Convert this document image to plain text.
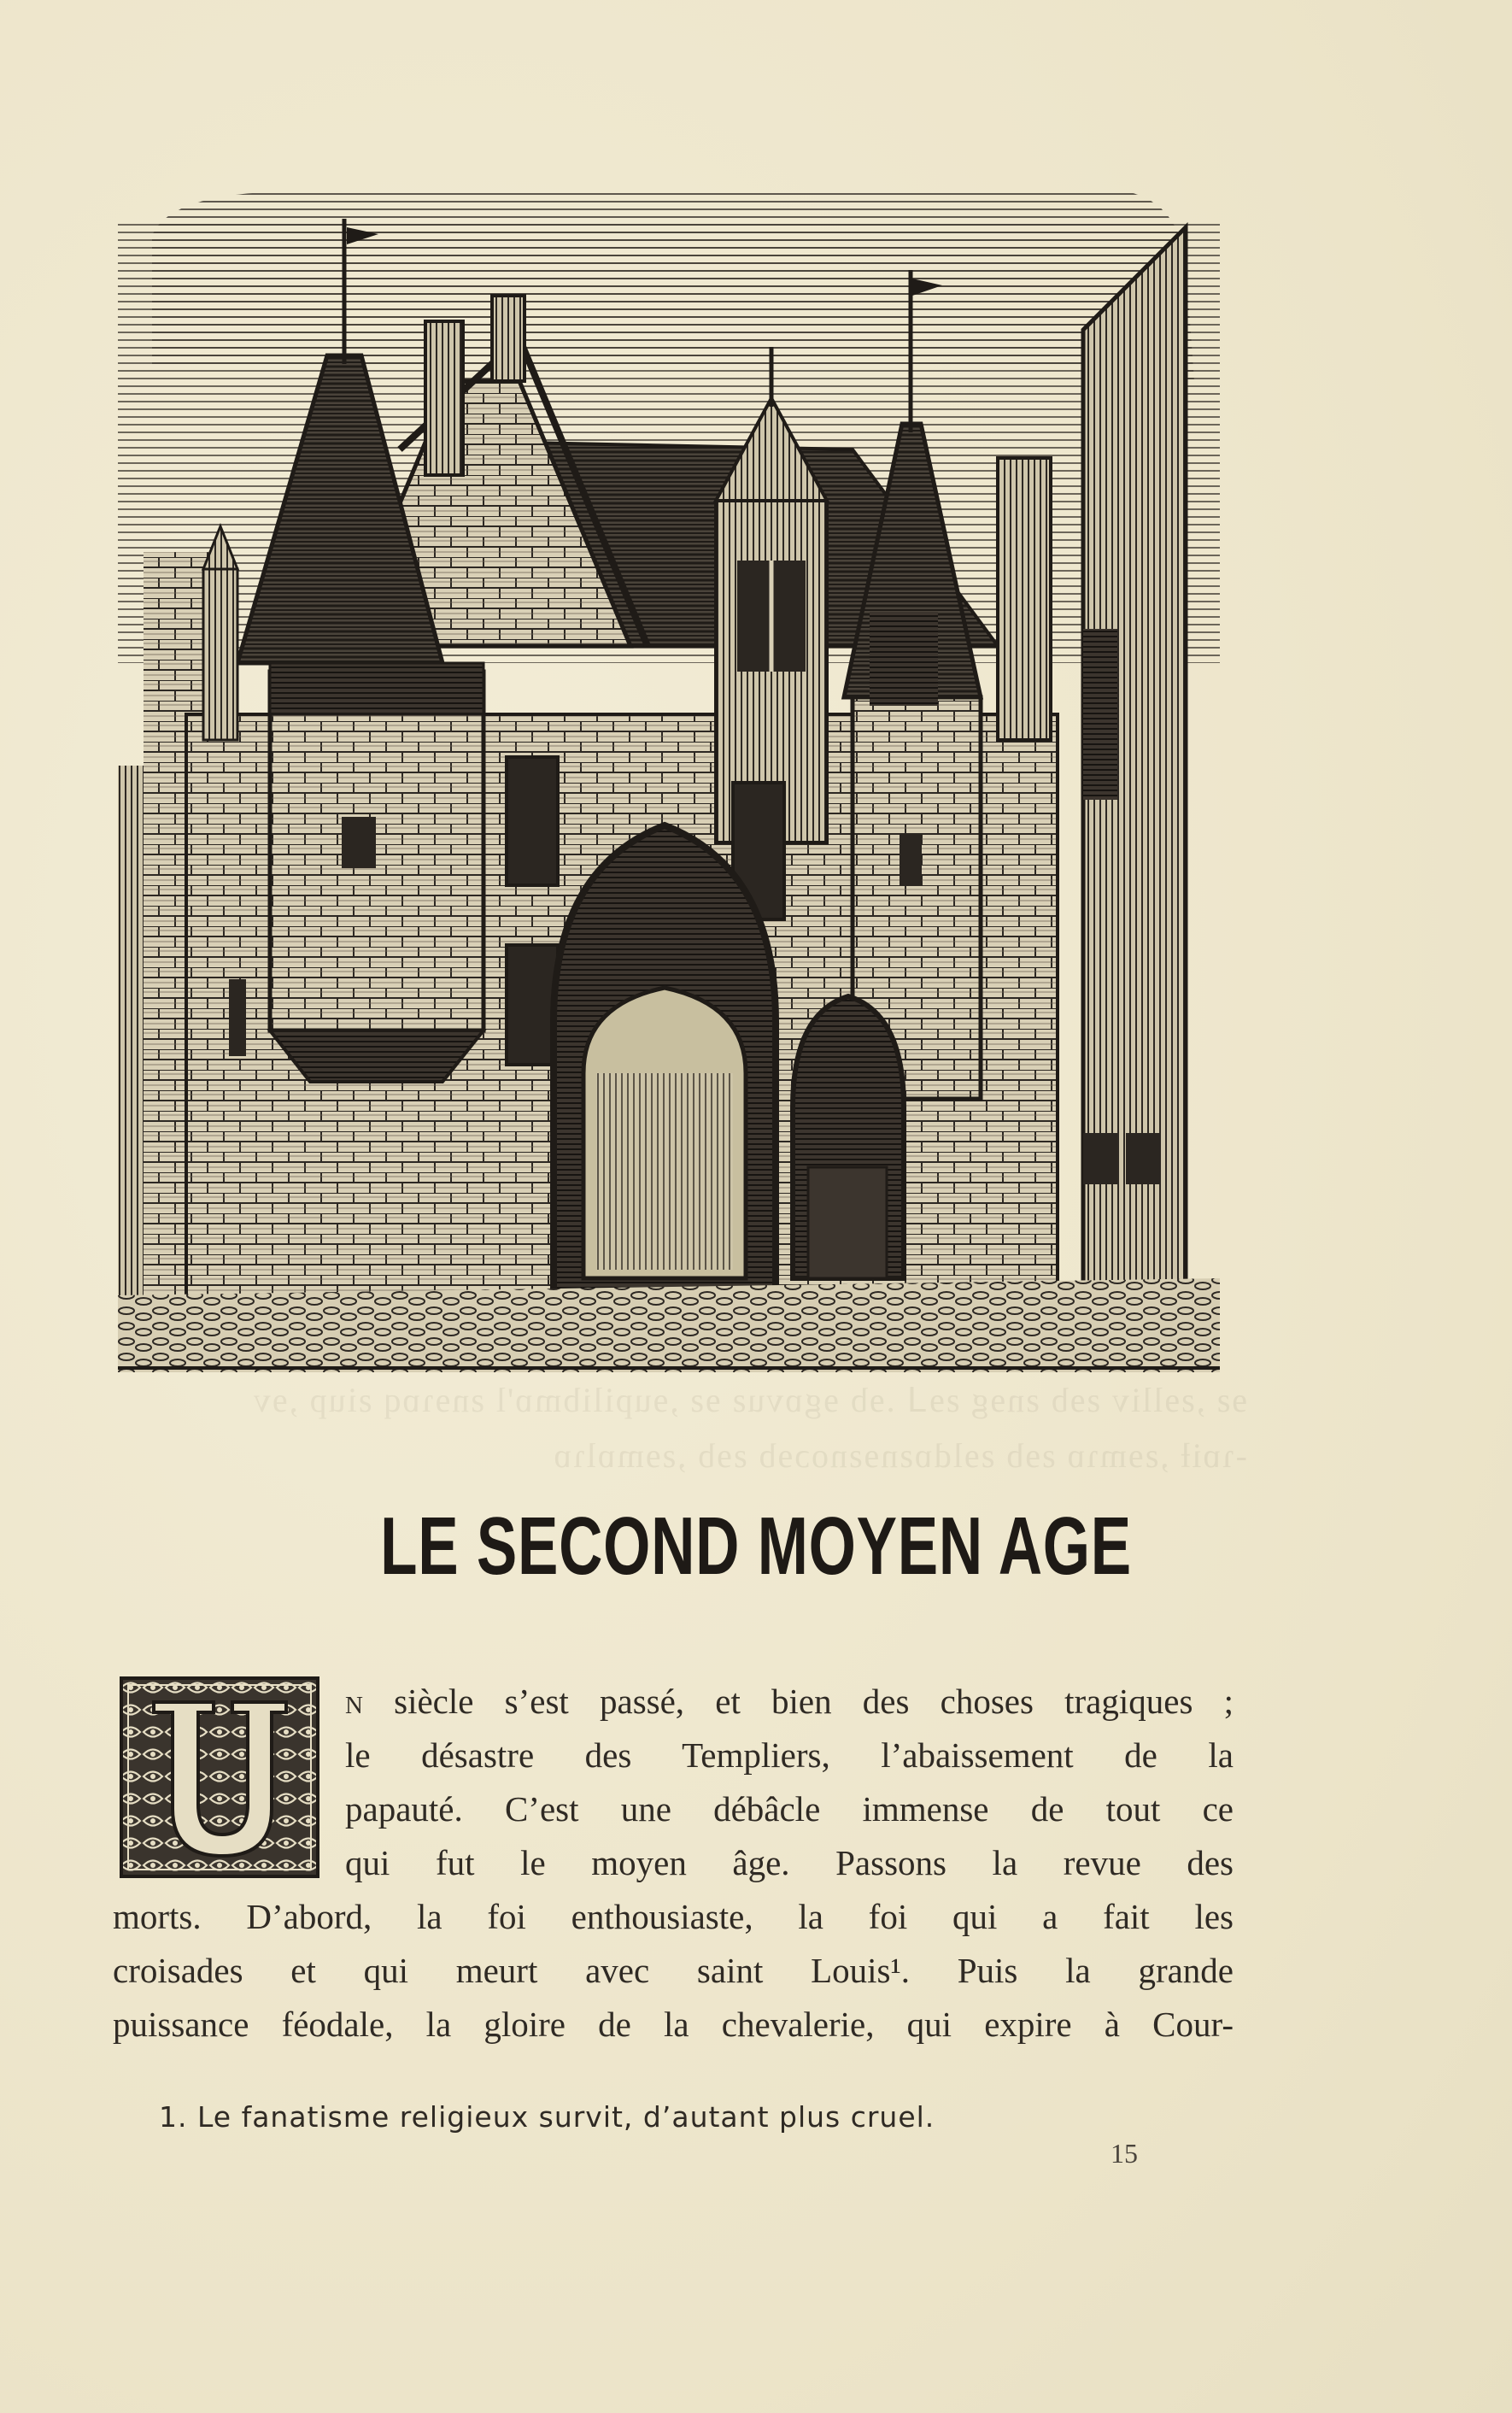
ɘƨ ,ƨɘlliv ƨɘb ƨnɘg ƨɘᒧ .ɘb ɘgɒvuƨ ɘƨ ,ɘupilibmɒ'l ƨnɘɿɒq ƨiup ,ɘv
-ɿɒiƚ ,ƨɘmɿɒ ƨɘb ƨɘldɒƨnɘƨnoɔɘb ƨɘb ,ƨɘmɒlɿɒ
LE SECOND MOYEN AGE
U
n siècle s’est passé, et bien des choses tragiques ;
le désastre des Templiers, l’abaissement de la
papauté. C’est une débâcle immense de tout ce
qui fut le moyen âge. Passons la revue des
morts. D’abord, la foi enthousiaste, la foi qui a fait les
croisades et qui meurt avec saint Louis¹. Puis la grande
puissance féodale, la gloire de la chevalerie, qui expire à Cour-
1. Le fanatisme religieux survit, d’autant plus cruel.
15
